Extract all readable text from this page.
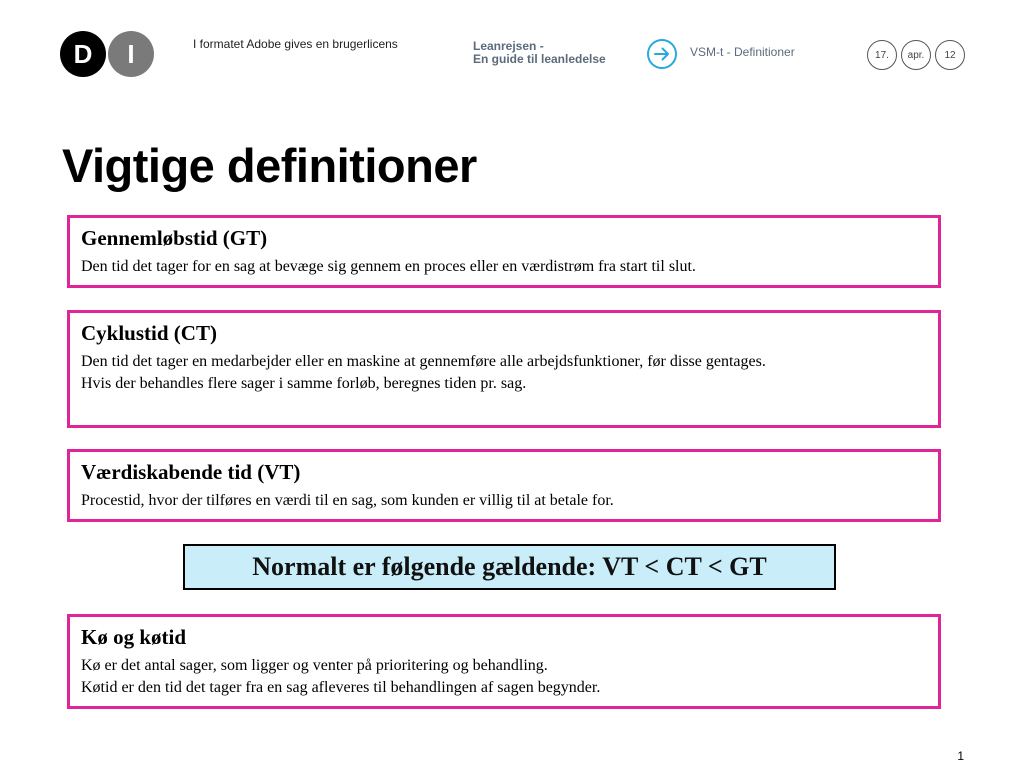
D	I	I formatet Adobe gives en brugerlicens	Leanrejsen -
En guide til leanledelse	VSM-t - Definitioner	17.	apr.	12
Vigtige definitioner

Gennemløbstid (GT)

Den tid det tager for en sag at bevæge sig gennem en proces eller en værdistrøm fra start til slut.

Cyklustid (CT)

Den tid det tager en medarbejder eller en maskine at gennemføre alle arbejdsfunktioner, før disse gentages.

Hvis der behandles flere sager i samme forløb, beregnes tiden pr. sag.

Værdiskabende tid (VT)

Procestid, hvor der tilføres en værdi til en sag, som kunden er villig til at betale for.

Normalt er følgende gældende: VT < CT < GT

Kø og køtid

Kø er det antal sager, som ligger og venter på prioritering og behandling.

Køtid er den tid det tager fra en sag afleveres til behandlingen af sagen begynder.

1
